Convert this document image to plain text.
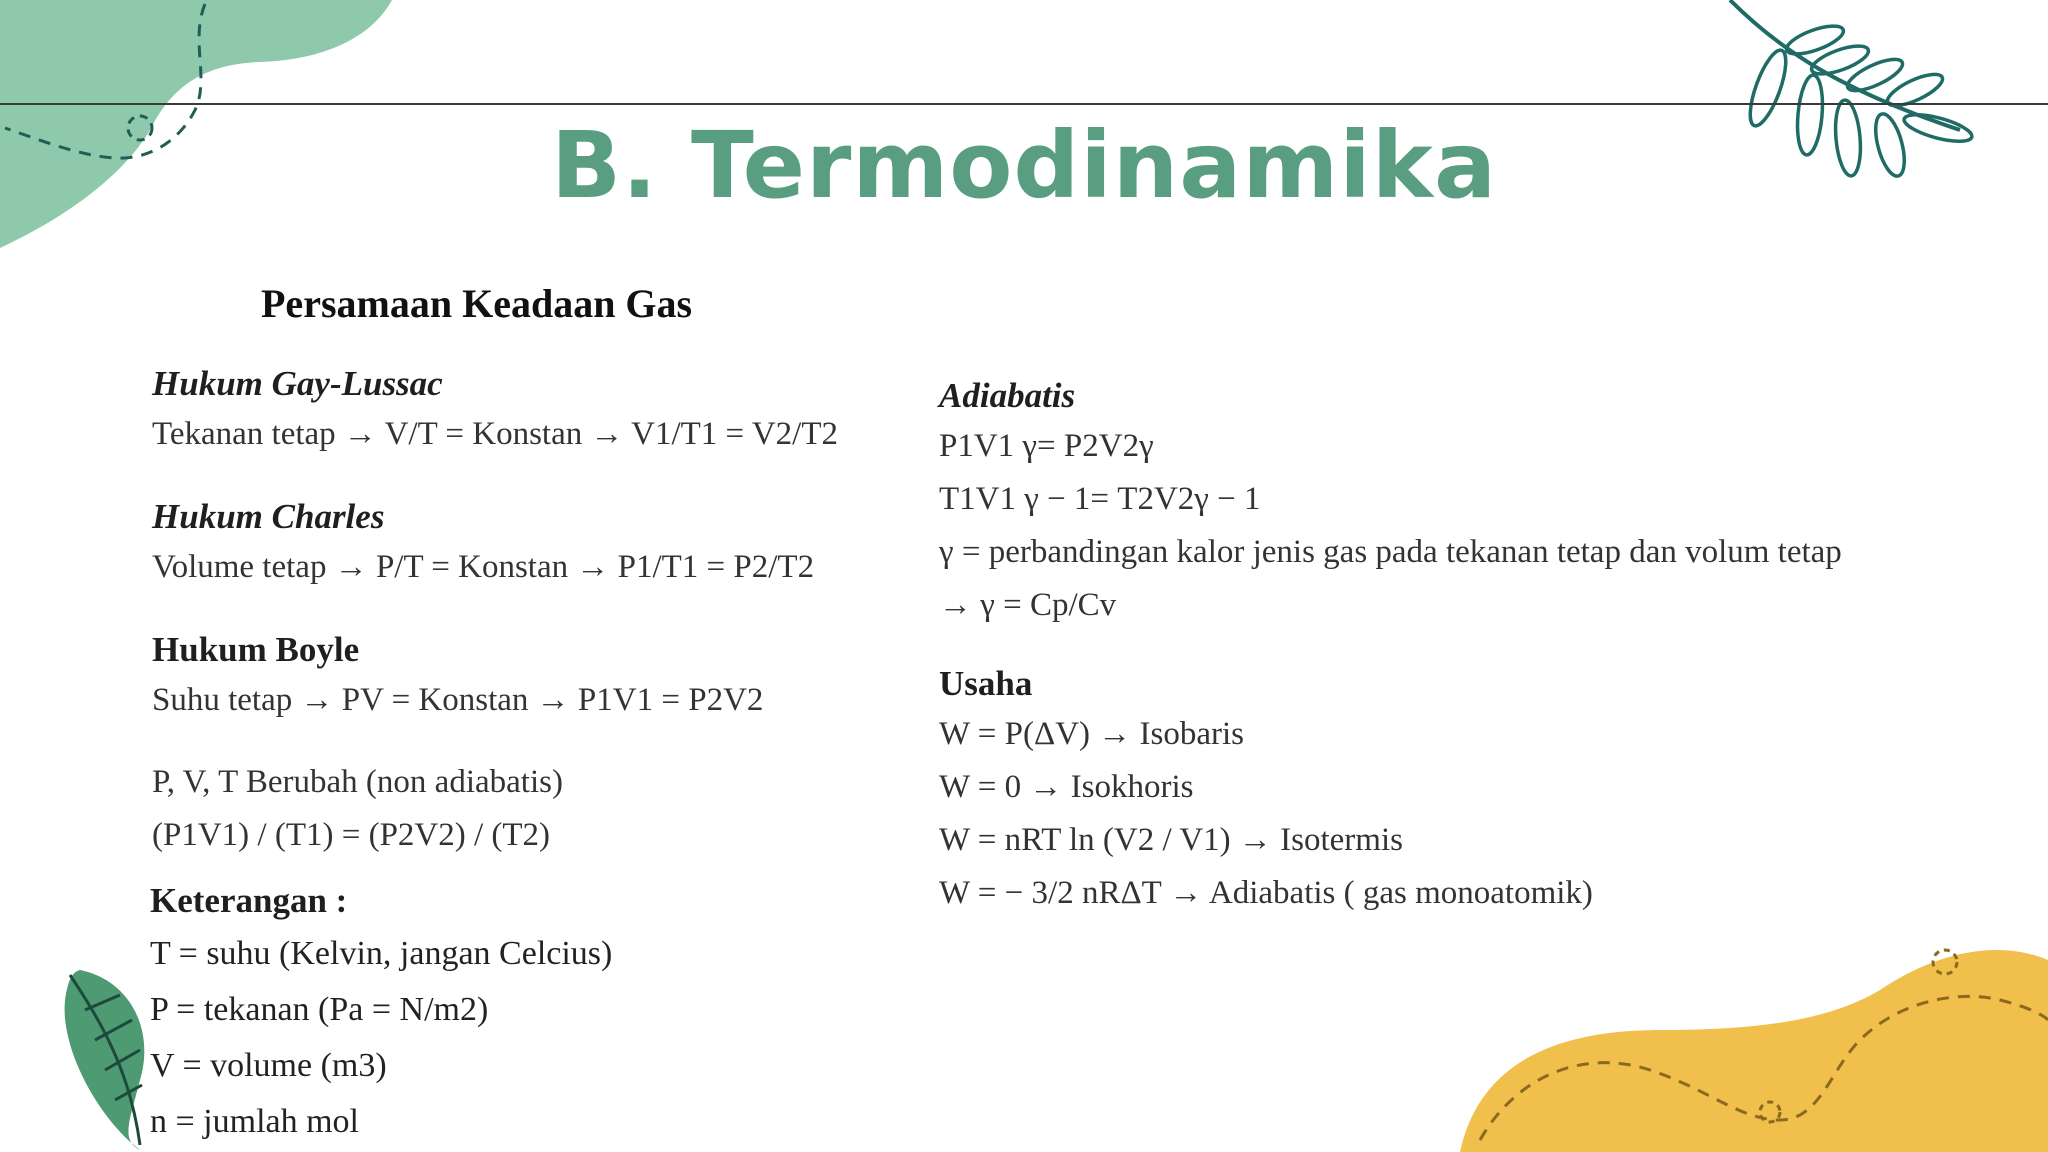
B. Termodinamika
Persamaan Keadaan Gas

Hukum Gay-Lussac

Tekanan tetap → V/T = Konstan → V1/T1 = V2/T2

Hukum Charles

Volume tetap → P/T = Konstan → P1/T1 = P2/T2

Hukum Boyle

Suhu tetap → PV = Konstan → P1V1 = P2V2

P, V, T Berubah (non adiabatis)

(P1V1) / (T1) = (P2V2) / (T2)

Keterangan :

T = suhu (Kelvin, jangan Celcius)

P = tekanan (Pa = N/m2)

V = volume (m3)

n = jumlah mol

Adiabatis

P1V1 γ= P2V2γ

T1V1 γ − 1= T2V2γ − 1

γ = perbandingan kalor jenis gas pada tekanan tetap dan volum tetap

→ γ = Cp/Cv

Usaha

W = P(ΔV) → Isobaris

W = 0 → Isokhoris

W = nRT ln (V2 / V1) → Isotermis

W = − 3/2 nRΔT → Adiabatis ( gas monoatomik)
